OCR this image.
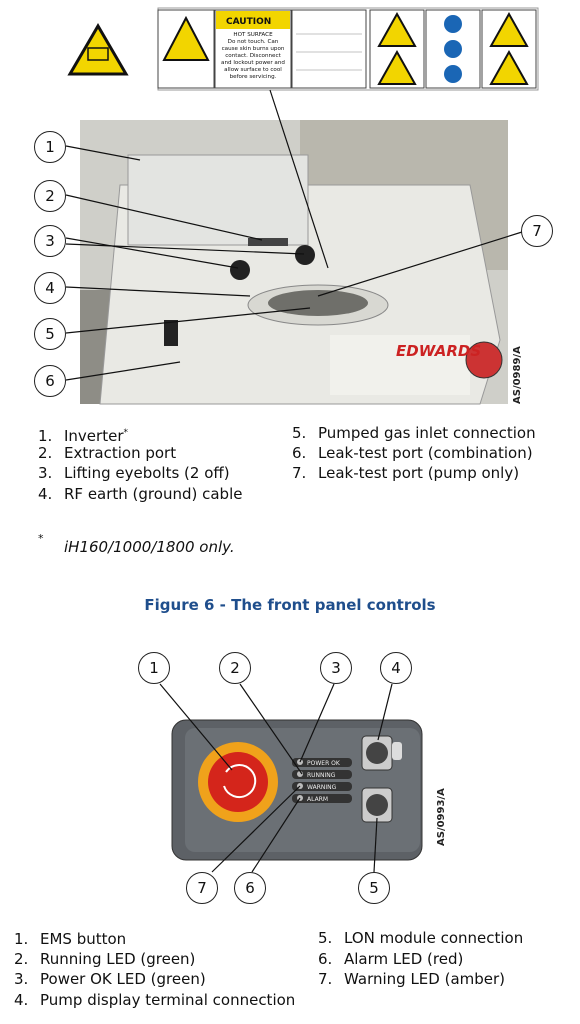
CAUTION
EDWARDS
HOT SURFACE
Do not touch. Can
cause skin burns upon
contact. Disconnect
and lockout power and
allow surface to cool
before servicing.
1
2
3
4
5
6
7
AS/0989/A
1. Inverter*
2. Extraction port
3. Lifting eyebolts (2 off)
4. RF earth (ground) cable
5. Pumped gas inlet connection
6. Leak-test port (combination)
7. Leak-test port (pump only)
* iH160/1000/1800 only.
Figure 6 - The front panel controls
POWER OK
RUNNING
WARNING
ALARM
1	2	3	4
7	6	5
AS/0993/A
1. EMS button
2. Running LED (green)
3. Power OK LED (green)
4. Pump display terminal connection
5. LON module connection
6. Alarm LED (red)
7. Warning LED (amber)
